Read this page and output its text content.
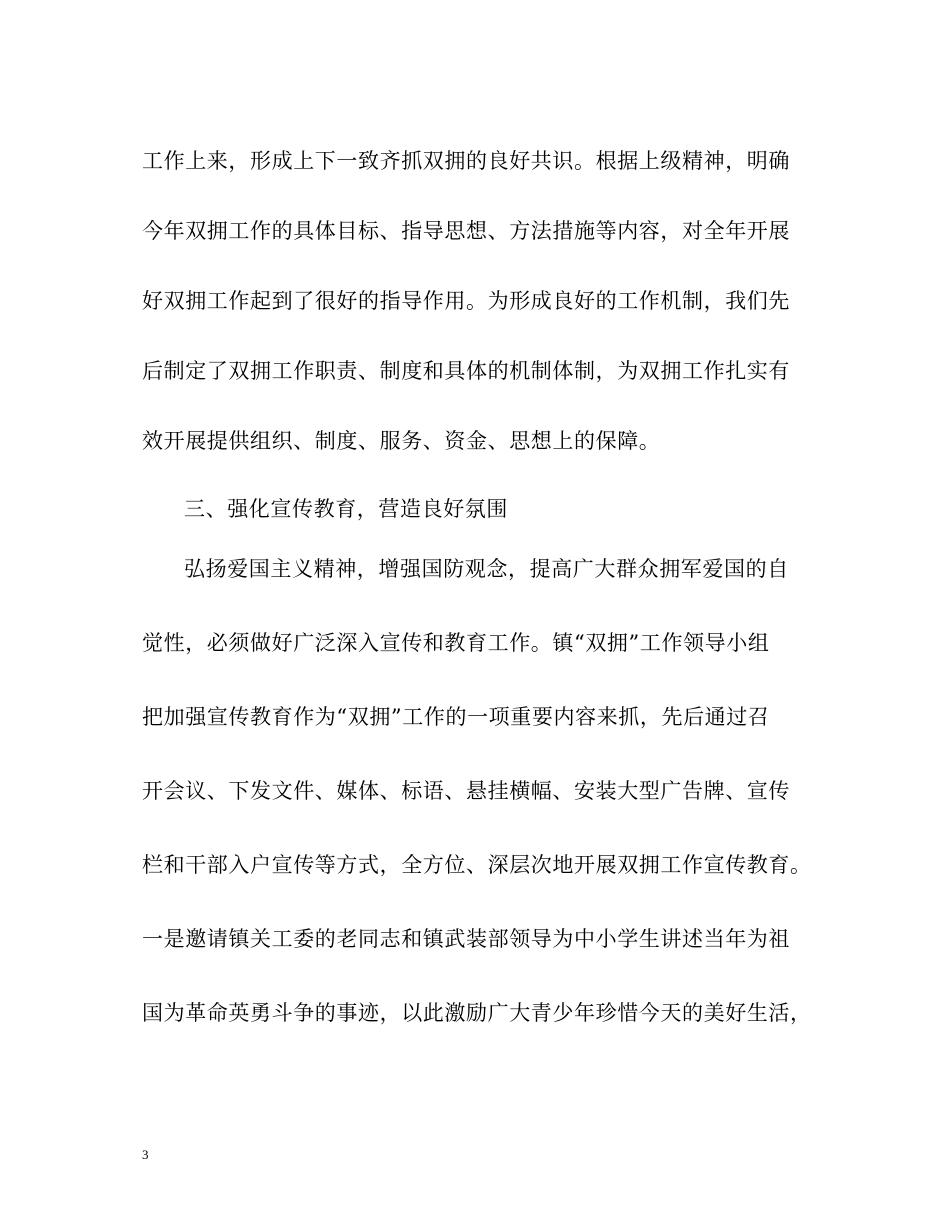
工作上来，形成上下一致齐抓双拥的良好共识。根据上级精神，明确
今年双拥工作的具体目标、指导思想、方法措施等内容，对全年开展
好双拥工作起到了很好的指导作用。为形成良好的工作机制，我们先
后制定了双拥工作职责、制度和具体的机制体制，为双拥工作扎实有
效开展提供组织、制度、服务、资金、思想上的保障。
三、强化宣传教育，营造良好氛围
弘扬爱国主义精神，增强国防观念，提高广大群众拥军爱国的自
觉性，必须做好广泛深入宣传和教育工作。镇“双拥”工作领导小组
把加强宣传教育作为“双拥”工作的一项重要内容来抓，先后通过召
开会议、下发文件、媒体、标语、悬挂横幅、安装大型广告牌、宣传
栏和干部入户宣传等方式，全方位、深层次地开展双拥工作宣传教育。
一是邀请镇关工委的老同志和镇武装部领导为中小学生讲述当年为祖
国为革命英勇斗争的事迹，以此激励广大青少年珍惜今天的美好生活，
3
